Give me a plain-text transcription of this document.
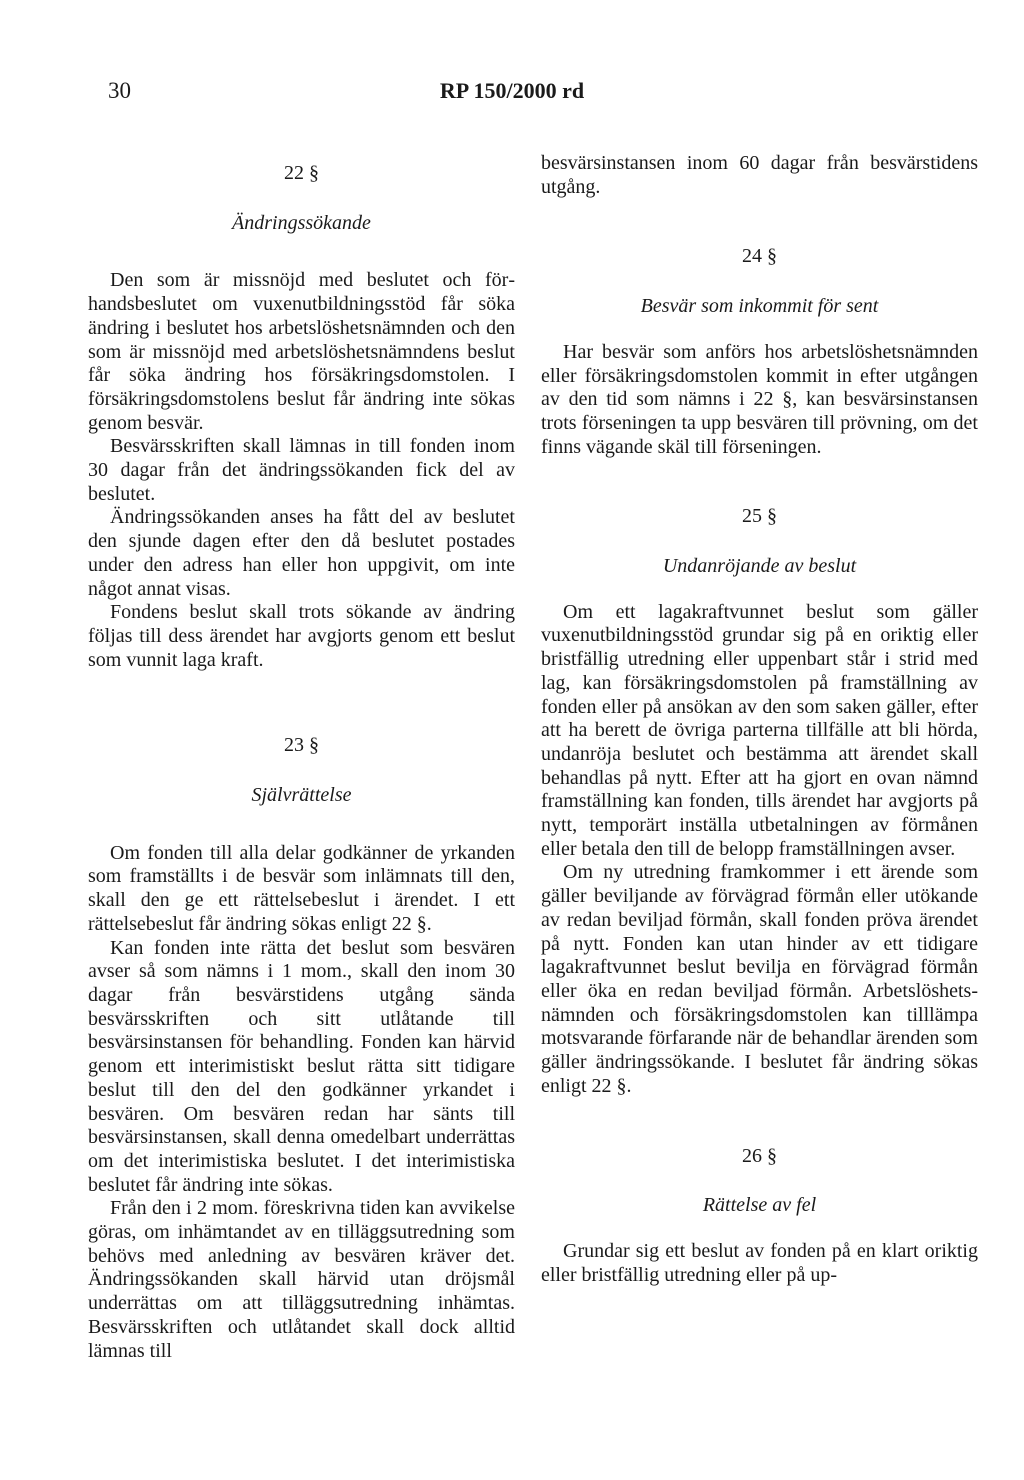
30	RP 150/2000 rd

22 §

Ändringssökande

Den som är missnöjd med beslutet och förhandsbeslutet om vuxenutbildningsstöd får söka ändring i beslutet hos arbetslöshetsnämnden och den som är missnöjd med arbetslöshetsnämndens beslut får söka ändring hos försäkringsdomstolen. I försäkringsdomstolens beslut får ändring inte sökas genom besvär.

Besvärsskriften skall lämnas in till fonden inom 30 dagar från det ändringssökanden fick del av beslutet.

Ändringssökanden anses ha fått del av beslutet den sjunde dagen efter den då beslutet postades under den adress han eller hon uppgivit, om inte något annat visas.

Fondens beslut skall trots sökande av ändring följas till dess ärendet har avgjorts genom ett beslut som vunnit laga kraft.

23 §

Självrättelse

Om fonden till alla delar godkänner de yrkanden som framställts i de besvär som inlämnats till den, skall den ge ett rättelsebeslut i ärendet. I ett rättelsebeslut får ändring sökas enligt 22 §.

Kan fonden inte rätta det beslut som besvären avser så som nämns i 1 mom., skall den inom 30 dagar från besvärstidens utgång sända besvärsskriften och sitt utlåtande till besvärsinstansen för behandling. Fonden kan härvid genom ett interimistiskt beslut rätta sitt tidigare beslut till den del den godkänner yrkandet i besvären. Om besvären redan har sänts till besvärsinstansen, skall denna omedelbart underrättas om det interimistiska beslutet. I det interimistiska beslutet får ändring inte sökas.

Från den i 2 mom. föreskrivna tiden kan avvikelse göras, om inhämtandet av en tilläggsutredning som behövs med anledning av besvären kräver det. Ändringssökanden skall härvid utan dröjsmål underrättas om att tilläggsutredning inhämtas. Besvärsskriften och utlåtandet skall dock alltid lämnas till

besvärsinstansen inom 60 dagar från besvärstidens utgång.

24 §

Besvär som inkommit för sent

Har besvär som anförs hos arbetslöshetsnämnden eller försäkringsdomstolen kommit in efter utgången av den tid som nämns i 22 §, kan besvärsinstansen trots förseningen ta upp besvären till prövning, om det finns vägande skäl till förseningen.

25 §

Undanröjande av beslut

Om ett lagakraftvunnet beslut som gäller vuxenutbildningsstöd grundar sig på en oriktig eller bristfällig utredning eller uppenbart står i strid med lag, kan försäkringsdomstolen på framställning av fonden eller på ansökan av den som saken gäller, efter att ha berett de övriga parterna tillfälle att bli hörda, undanröja beslutet och bestämma att ärendet skall behandlas på nytt. Efter att ha gjort en ovan nämnd framställning kan fonden, tills ärendet har avgjorts på nytt, temporärt inställa utbetalningen av förmånen eller betala den till de belopp framställningen avser.

Om ny utredning framkommer i ett ärende som gäller beviljande av förvägrad förmån eller utökande av redan beviljad förmån, skall fonden pröva ärendet på nytt. Fonden kan utan hinder av ett tidigare lagakraftvunnet beslut bevilja en förvägrad förmån eller öka en redan beviljad förmån. Arbetslöshetsnämnden och försäkringsdomstolen kan tilllämpa motsvarande förfarande när de behandlar ärenden som gäller ändringssökande. I beslutet får ändring sökas enligt 22 §.

26 §

Rättelse av fel

Grundar sig ett beslut av fonden på en klart oriktig eller bristfällig utredning eller på up-
